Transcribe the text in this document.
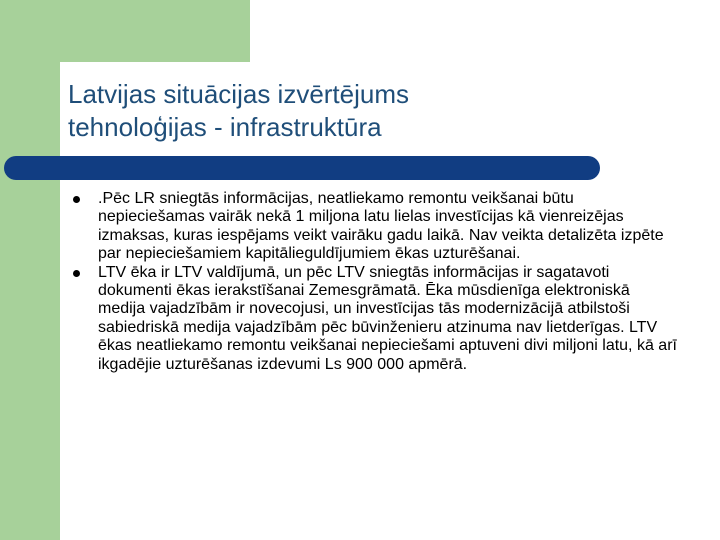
Latvijas situācijas izvērtējums
tehnoloģijas - infrastruktūra
.Pēc LR sniegtās informācijas, neatliekamo remontu veikšanai būtu nepieciešamas vairāk nekā 1 miljona latu lielas investīcijas kā vienreizējas izmaksas, kuras iespējams veikt vairāku gadu laikā. Nav veikta detalizēta izpēte par nepieciešamiem kapitālieguldījumiem ēkas uzturēšanai.
LTV ēka ir LTV valdījumā, un pēc LTV sniegtās informācijas ir sagatavoti dokumenti ēkas ierakstīšanai Zemesgrāmatā. Ēka mūsdienīga elektroniskā medija vajadzībām ir novecojusi, un investīcijas tās modernizācijā atbilstoši sabiedriskā medija vajadzībām pēc būvinženieru atzinuma nav lietderīgas. LTV ēkas neatliekamo remontu veikšanai nepieciešami aptuveni divi miljoni latu, kā arī ikgadējie uzturēšanas izdevumi Ls 900 000 apmērā.
